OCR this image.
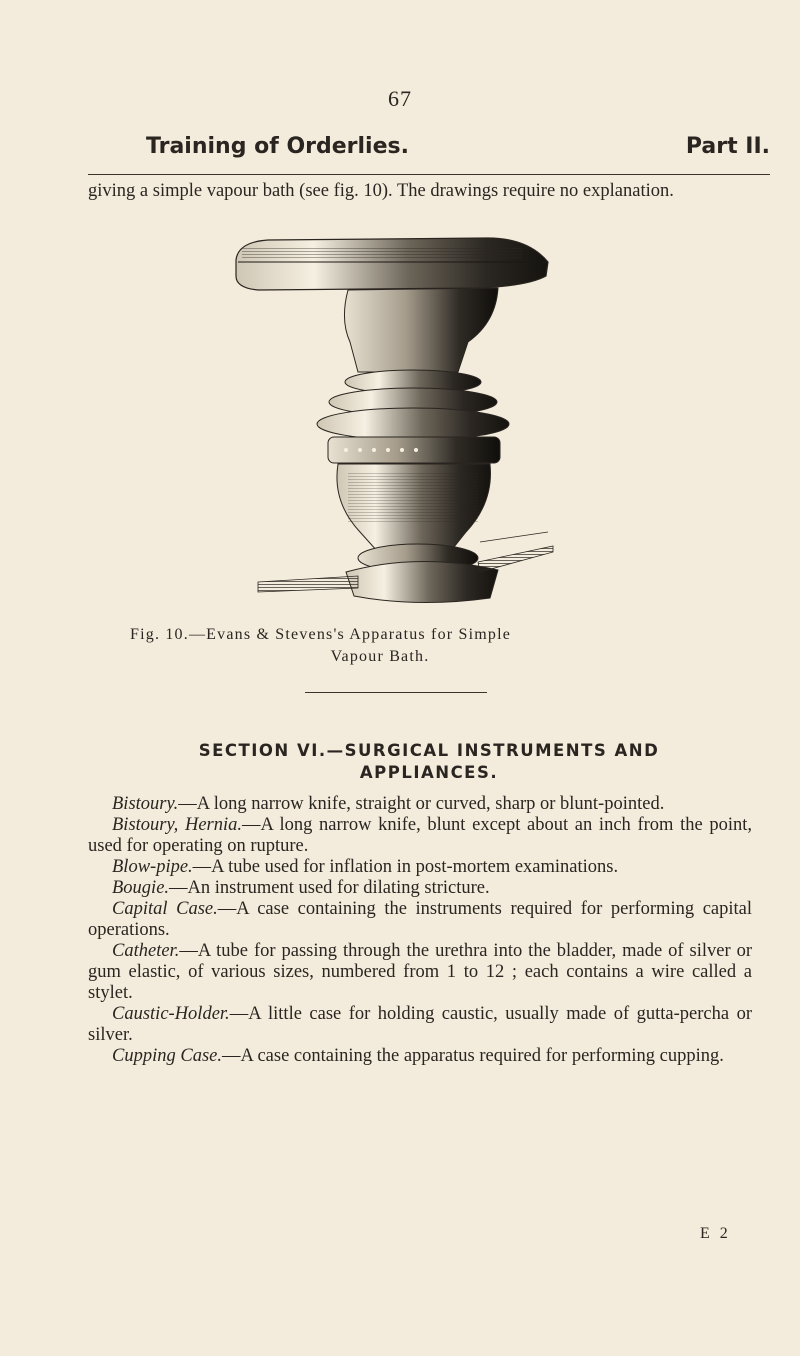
67
Training of Orderlies.	Part II.

giving a simple vapour bath (see fig. 10). The drawings require no explanation.

Fig. 10.—Evans & Stevens's Apparatus for Simple

Vapour Bath.
SECTION VI.—SURGICAL INSTRUMENTS AND
APPLIANCES.

Bistoury.—A long narrow knife, straight or curved, sharp or blunt-pointed.

Bistoury, Hernia.—A long narrow knife, blunt except about an inch from the point, used for operating on rupture.

Blow-pipe.—A tube used for inflation in post-mortem examinations.

Bougie.—An instrument used for dilating stricture.

Capital Case.—A case containing the instruments required for performing capital operations.

Catheter.—A tube for passing through the urethra into the bladder, made of silver or gum elastic, of various sizes, numbered from 1 to 12 ; each contains a wire called a stylet.

Caustic-Holder.—A little case for holding caustic, usually made of gutta-percha or silver.

Cupping Case.—A case containing the apparatus required for performing cupping.

E 2
